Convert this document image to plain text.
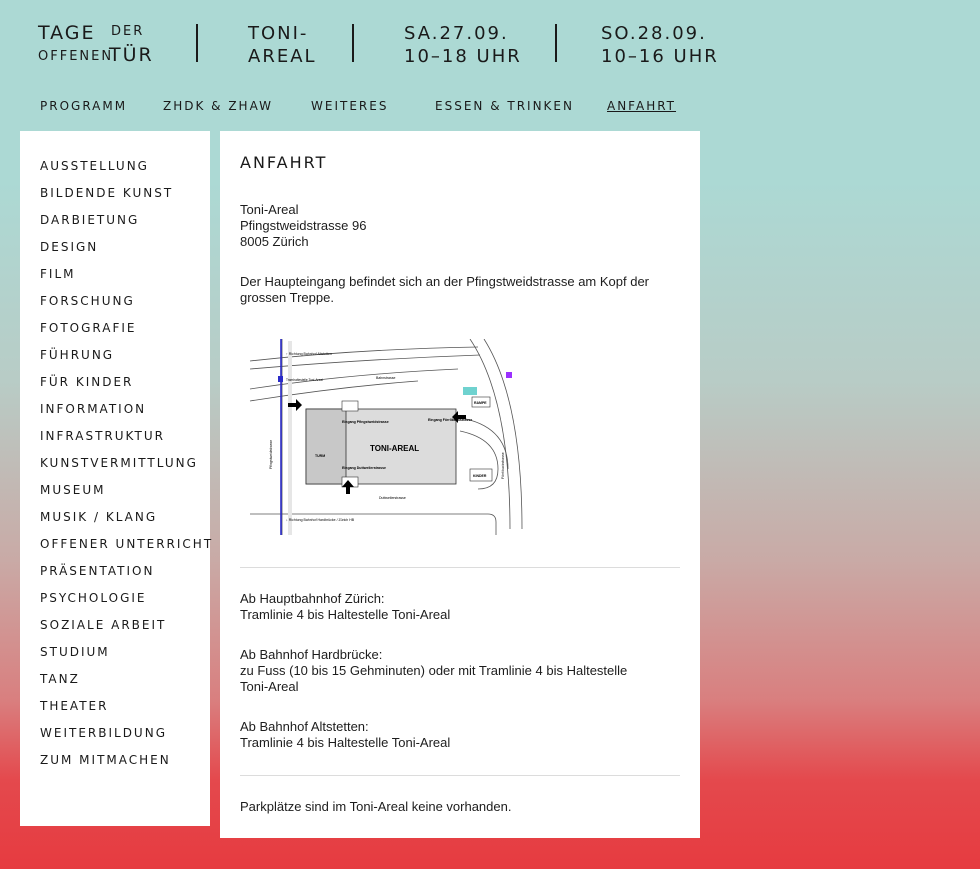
TAGE DER
OFFENEN
TÜR
TONI-
AREAL
SA.27.09.
10–18 UHR
SO.28.09.
10–16 UHR
PROGRAMM	ZHDK & ZHAW	WEITERES	ESSEN & TRINKEN	ANFAHRT
AUSSTELLUNG
BILDENDE KUNST
DARBIETUNG
DESIGN
FILM
FORSCHUNG
FOTOGRAFIE
FÜHRUNG
FÜR KINDER
INFORMATION
INFRASTRUKTUR
KUNSTVERMITTLUNG
MUSEUM
MUSIK / KLANG
OFFENER UNTERRICHT
PRÄSENTATION
PSYCHOLOGIE
SOZIALE ARBEIT
STUDIUM
TANZ
THEATER
WEITERBILDUNG
ZUM MITMACHEN
ANFAHRT
Toni-Areal
Pfingstweidstrasse 96
8005 Zürich
Der Haupteingang befindet sich an der Pfingstweidstrasse am Kopf der
grossen Treppe.
TONI-AREAL
TURM
RAMPE
KINDER
Bahnstrasse
Duttweilerstrasse
Pfingstweidstrasse	Förrlibuckstrasse
↑ Richtung Bahnhof Altstetten
↓ Richtung Bahnhof Hardbrücke / Zürich HB
Tramhaltestelle Toni-Areal
Eingang Pfingstweidstrasse	Eingang Förrlibuckstrasse
Eingang Duttweilerstrasse
Ab Hauptbahnhof Zürich:
Tramlinie 4 bis Haltestelle Toni-Areal
Ab Bahnhof Hardbrücke:
zu Fuss (10 bis 15 Gehminuten) oder mit Tramlinie 4 bis Haltestelle
Toni-Areal
Ab Bahnhof Altstetten:
Tramlinie 4 bis Haltestelle Toni-Areal
Parkplätze sind im Toni-Areal keine vorhanden.
